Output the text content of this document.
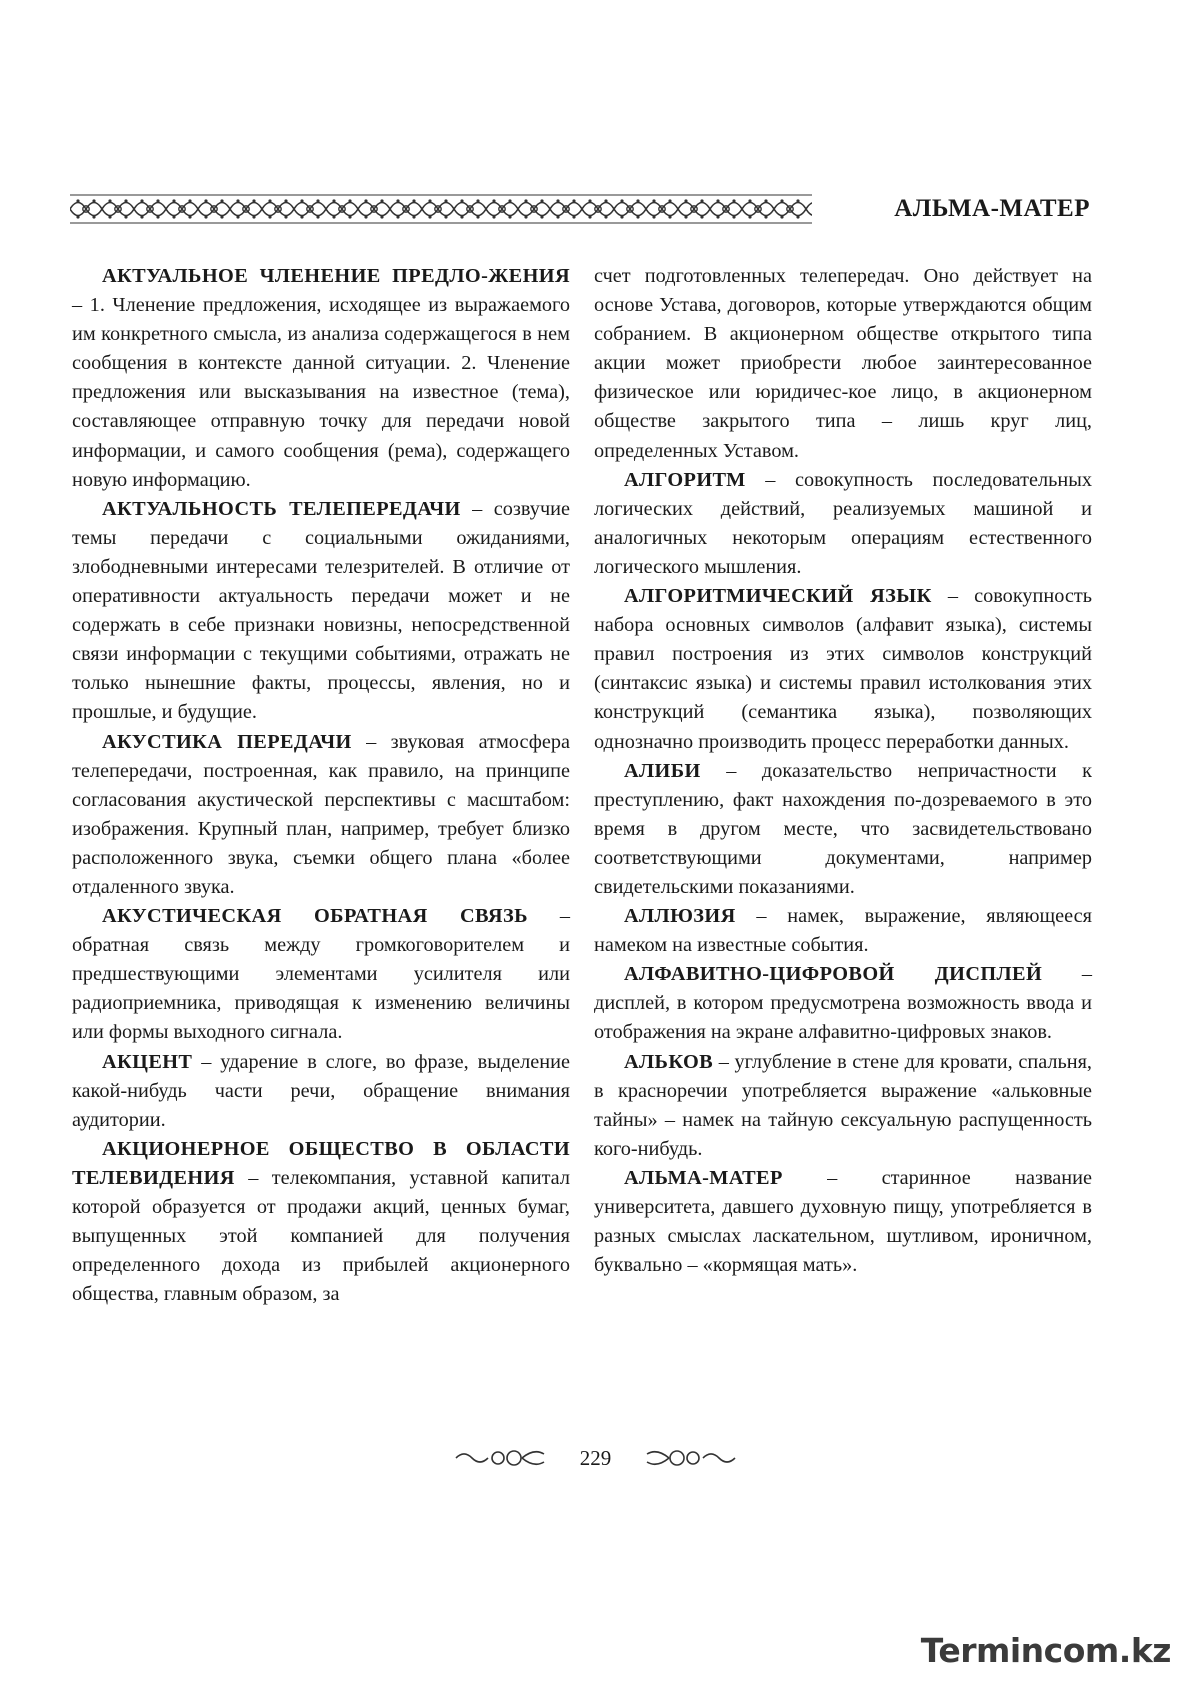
АЛЬМА-МАТЕР

АКТУАЛЬНОЕ ЧЛЕНЕНИЕ ПРЕДЛО-ЖЕНИЯ – 1. Членение предложения, исходящее из выражаемого им конкретного смысла, из анализа содержащегося в нем сообщения в контексте данной ситуации. 2. Членение предложения или высказывания на известное (тема), составляющее отправную точку для передачи новой информации, и самого сообщения (рема), содержащего новую информацию.

АКТУАЛЬНОСТЬ ТЕЛЕПЕРЕДАЧИ – созвучие темы передачи с социальными ожиданиями, злободневными интересами телезрителей. В отличие от оперативности актуальность передачи может и не содержать в себе признаки новизны, непосредственной связи информации с текущими событиями, отражать не только нынешние факты, процессы, явления, но и прошлые, и будущие.

АКУСТИКА ПЕРЕДАЧИ – звуковая атмосфера телепередачи, построенная, как правило, на принципе согласования акустической перспективы с масштабом: изображения. Крупный план, например, требует близко расположенного звука, съемки общего плана «более отдаленного звука.

АКУСТИЧЕСКАЯ ОБРАТНАЯ СВЯЗЬ – обратная связь между громкоговорителем и предшествующими элементами усилителя или радиоприемника, приводящая к изменению величины или формы выходного сигнала.

АКЦЕНТ – ударение в слоге, во фразе, выделение какой-нибудь части речи, обращение внимания аудитории.

АКЦИОНЕРНОЕ ОБЩЕСТВО В ОБЛАСТИ ТЕЛЕВИДЕНИЯ – телекомпания, уставной капитал которой образуется от продажи акций, ценных бумаг, выпущенных этой компанией для получения определенного дохода из прибылей акционерного общества, главным образом, за

счет подготовленных телепередач. Оно действует на основе Устава, договоров, которые утверждаются общим собранием. В акционерном обществе открытого типа акции может приобрести любое заинтересованное физическое или юридичес-кое лицо, в акционерном обществе закрытого типа – лишь круг лиц, определенных Уставом.

АЛГОРИТМ – совокупность последовательных логических действий, реализуемых машиной и аналогичных некоторым операциям естественного логического мышления.

АЛГОРИТМИЧЕСКИЙ ЯЗЫК – совокупность набора основных символов (алфавит языка), системы правил построения из этих символов конструкций (синтаксис языка) и системы правил истолкования этих конструкций (семантика языка), позволяющих однозначно производить процесс переработки данных.

АЛИБИ – доказательство непричастности к преступлению, факт нахождения по-дозреваемого в это время в другом месте, что засвидетельствовано соответствующими документами, например свидетельскими показаниями.

АЛЛЮЗИЯ – намек, выражение, являющееся намеком на известные события.

АЛФАВИТНО-ЦИФРОВОЙ ДИСПЛЕЙ – дисплей, в котором предусмотрена возможность ввода и отображения на экране алфавитно-цифровых знаков.

АЛЬКОВ – углубление в стене для кровати, спальня, в красноречии употребляется выражение «альковные тайны» – намек на тайную сексуальную распущенность кого-нибудь.

АЛЬМА-МАТЕР – старинное название университета, давшего духовную пищу, употребляется в разных смыслах ласкательном, шутливом, ироничном, буквально – «кормящая мать».

229
Termincom.kz
